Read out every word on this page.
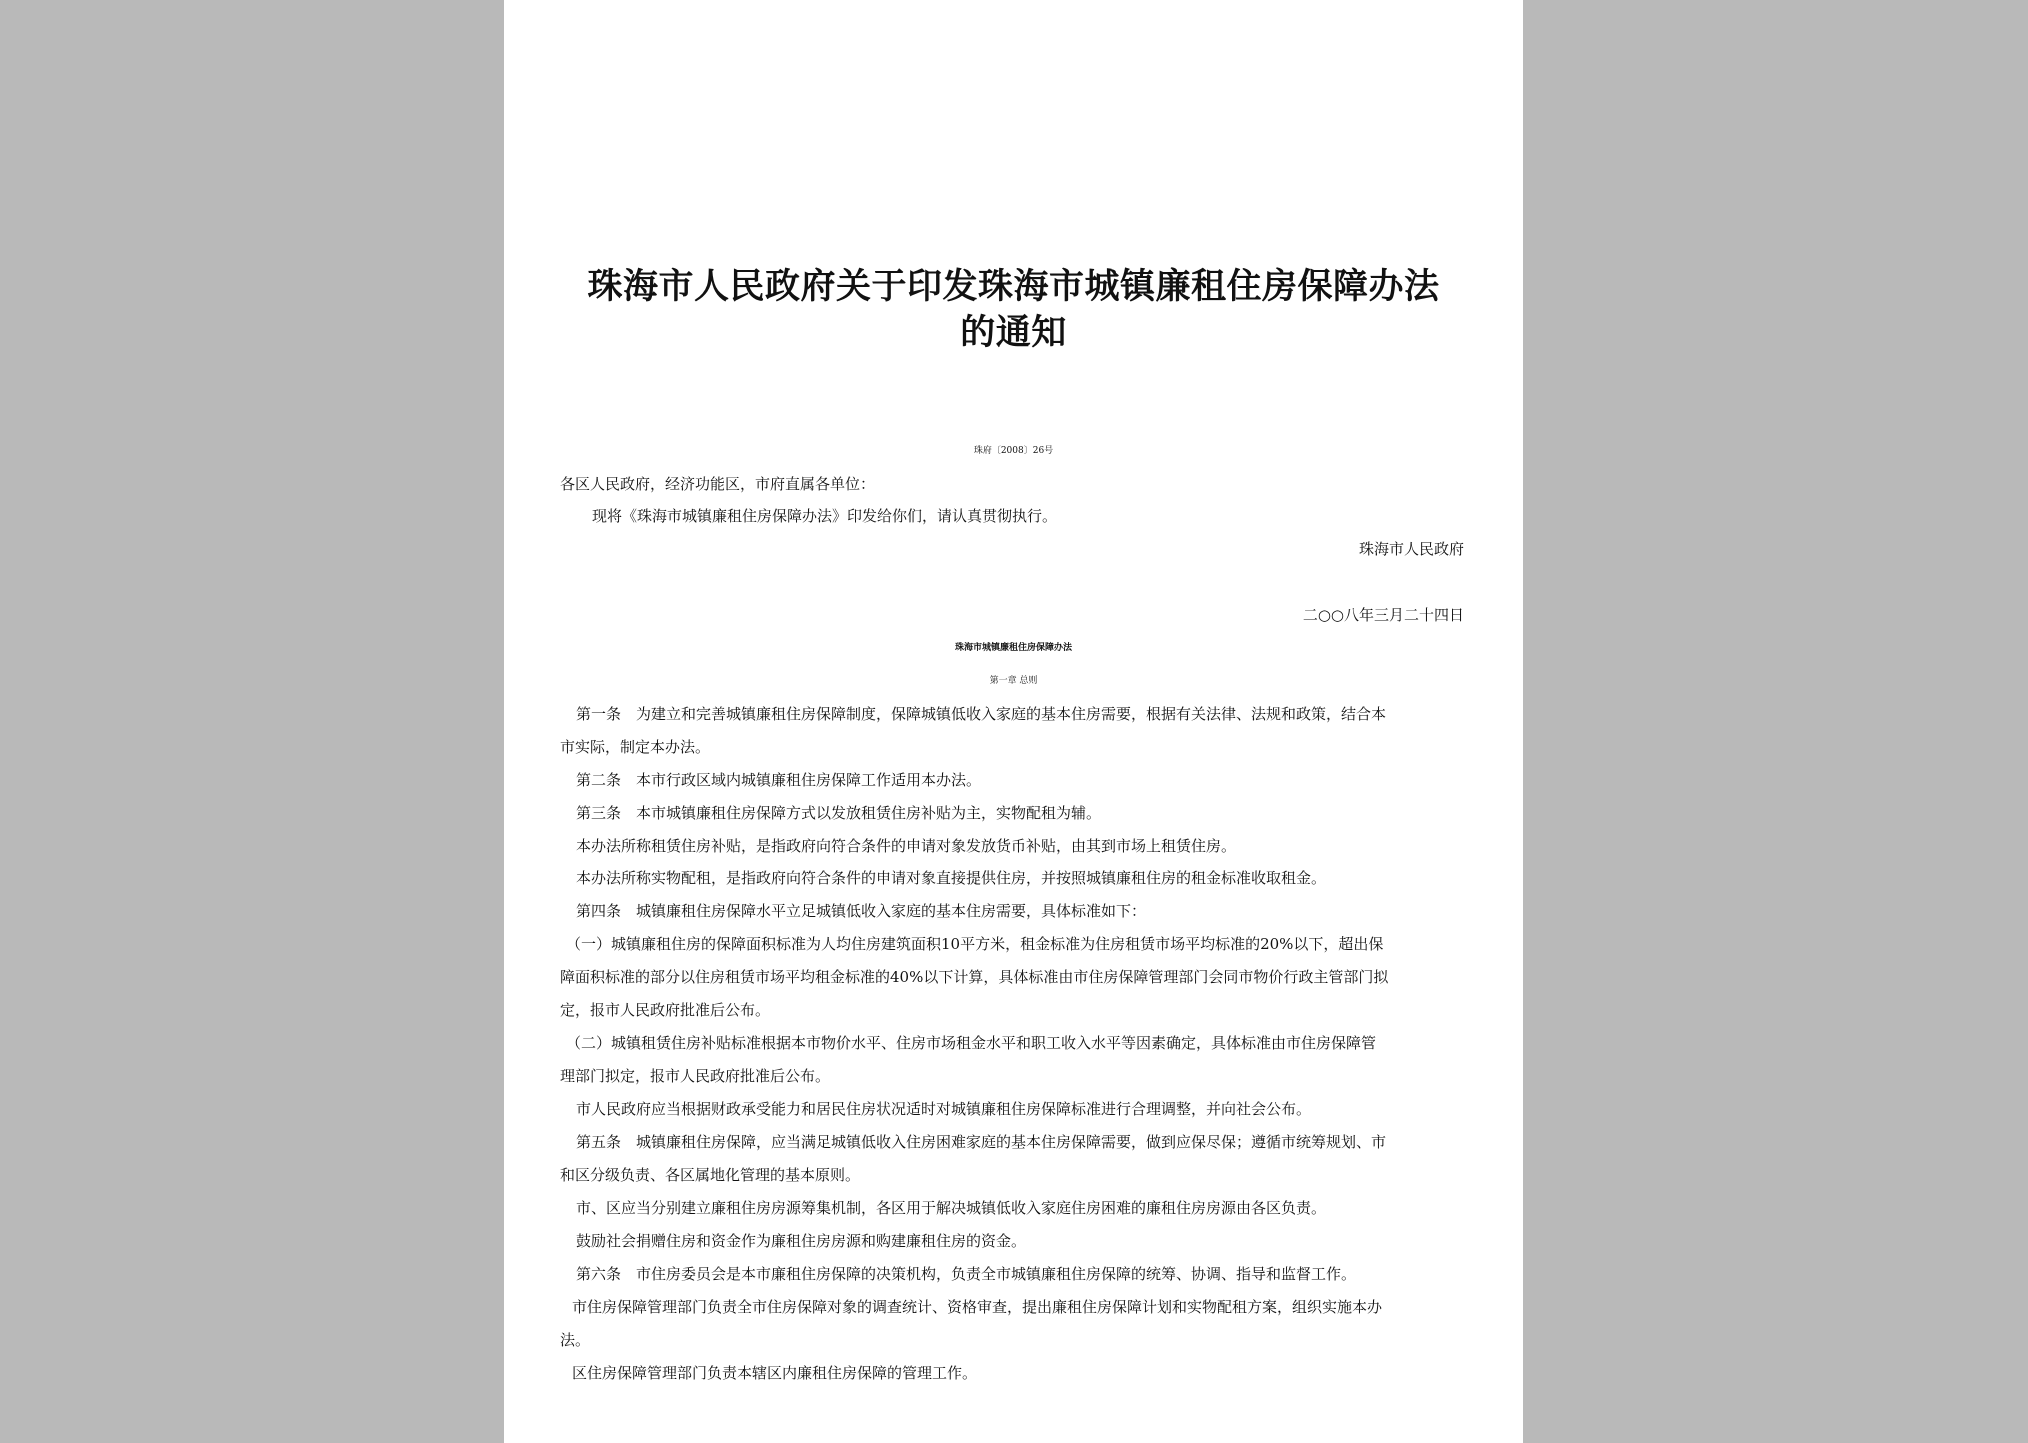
珠海市人民政府关于印发珠海市城镇廉租住房保障办法
的通知
珠府〔2008〕26号
各区人民政府，经济功能区，市府直属各单位：
现将《珠海市城镇廉租住房保障办法》印发给你们，请认真贯彻执行。
珠海市人民政府
二○○八年三月二十四日
珠海市城镇廉租住房保障办法
第一章 总则
第一条　为建立和完善城镇廉租住房保障制度，保障城镇低收入家庭的基本住房需要，根据有关法律、法规和政策，结合本
市实际，制定本办法。
第二条　本市行政区域内城镇廉租住房保障工作适用本办法。
第三条　本市城镇廉租住房保障方式以发放租赁住房补贴为主，实物配租为辅。
本办法所称租赁住房补贴，是指政府向符合条件的申请对象发放货币补贴，由其到市场上租赁住房。
本办法所称实物配租，是指政府向符合条件的申请对象直接提供住房，并按照城镇廉租住房的租金标准收取租金。
第四条　城镇廉租住房保障水平立足城镇低收入家庭的基本住房需要，具体标准如下：
（一）城镇廉租住房的保障面积标准为人均住房建筑面积10平方米，租金标准为住房租赁市场平均标准的20%以下，超出保
障面积标准的部分以住房租赁市场平均租金标准的40%以下计算，具体标准由市住房保障管理部门会同市物价行政主管部门拟
定，报市人民政府批准后公布。
（二）城镇租赁住房补贴标准根据本市物价水平、住房市场租金水平和职工收入水平等因素确定，具体标准由市住房保障管
理部门拟定，报市人民政府批准后公布。
市人民政府应当根据财政承受能力和居民住房状况适时对城镇廉租住房保障标准进行合理调整，并向社会公布。
第五条　城镇廉租住房保障，应当满足城镇低收入住房困难家庭的基本住房保障需要，做到应保尽保；遵循市统筹规划、市
和区分级负责、各区属地化管理的基本原则。
市、区应当分别建立廉租住房房源筹集机制，各区用于解决城镇低收入家庭住房困难的廉租住房房源由各区负责。
鼓励社会捐赠住房和资金作为廉租住房房源和购建廉租住房的资金。
第六条　市住房委员会是本市廉租住房保障的决策机构，负责全市城镇廉租住房保障的统筹、协调、指导和监督工作。
市住房保障管理部门负责全市住房保障对象的调查统计、资格审查，提出廉租住房保障计划和实物配租方案，组织实施本办
法。
区住房保障管理部门负责本辖区内廉租住房保障的管理工作。
